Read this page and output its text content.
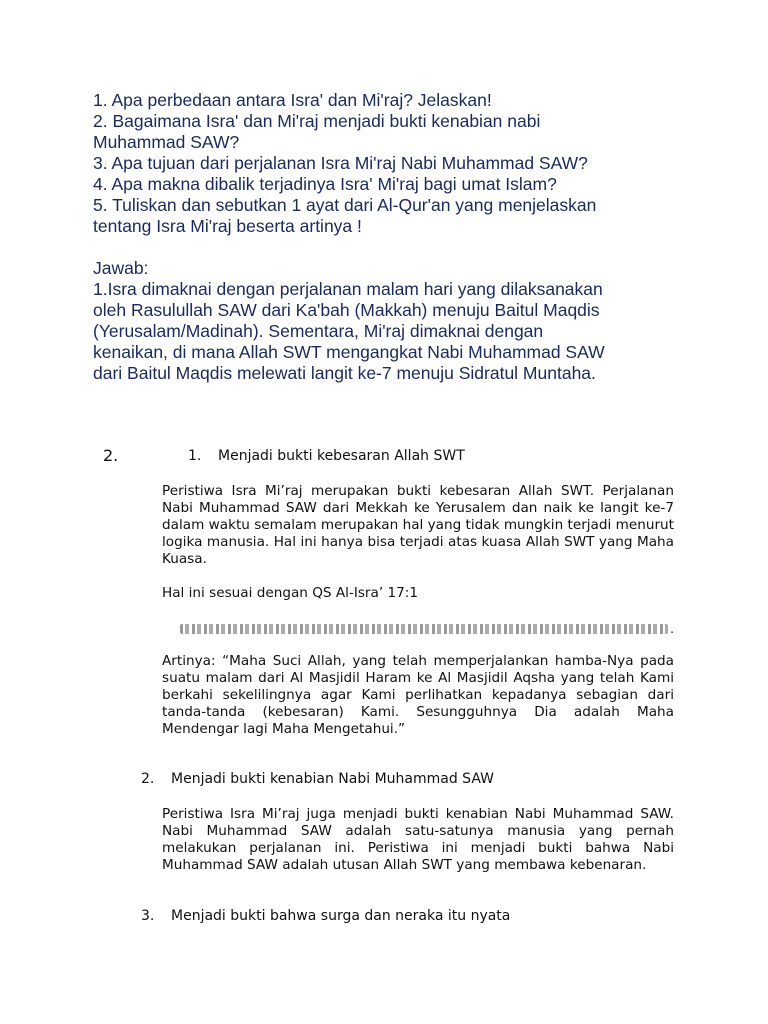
1. Apa perbedaan antara Isra' dan Mi'raj? Jelaskan!
2. Bagaimana Isra' dan Mi'raj menjadi bukti kenabian nabi
Muhammad SAW?
3. Apa tujuan dari perjalanan Isra Mi'raj Nabi Muhammad SAW?
4. Apa makna dibalik terjadinya Isra' Mi'raj bagi umat Islam?
5. Tuliskan dan sebutkan 1 ayat dari Al-Qur'an yang menjelaskan
tentang Isra Mi'raj beserta artinya !
Jawab:
1.Isra dimaknai dengan perjalanan malam hari yang dilaksanakan
oleh Rasulullah SAW dari Ka'bah (Makkah) menuju Baitul Maqdis
(Yerusalam/Madinah). Sementara, Mi'raj dimaknai dengan
kenaikan, di mana Allah SWT mengangkat Nabi Muhammad SAW
dari Baitul Maqdis melewati langit ke-7 menuju Sidratul Muntaha.
2.	1. Menjadi bukti kebesaran Allah SWT
Peristiwa Isra Mi’raj merupakan bukti kebesaran Allah SWT. Perjalanan Nabi Muhammad SAW dari Mekkah ke Yerusalem dan naik ke langit ke-7 dalam waktu semalam merupakan hal yang tidak mungkin terjadi menurut logika manusia. Hal ini hanya bisa terjadi atas kuasa Allah SWT yang Maha Kuasa.
Hal ini sesuai dengan QS Al-Isra’ 17:1
.
Artinya: “Maha Suci Allah, yang telah memperjalankan hamba-Nya pada suatu malam dari Al Masjidil Haram ke Al Masjidil Aqsha yang telah Kami berkahi sekelilingnya agar Kami perlihatkan kepadanya sebagian dari tanda-tanda (kebesaran) Kami. Sesungguhnya Dia adalah Maha Mendengar lagi Maha Mengetahui.”
2. Menjadi bukti kenabian Nabi Muhammad SAW
Peristiwa Isra Mi’raj juga menjadi bukti kenabian Nabi Muhammad SAW. Nabi Muhammad SAW adalah satu-satunya manusia yang pernah melakukan perjalanan ini. Peristiwa ini menjadi bukti bahwa Nabi Muhammad SAW adalah utusan Allah SWT yang membawa kebenaran.
3. Menjadi bukti bahwa surga dan neraka itu nyata
